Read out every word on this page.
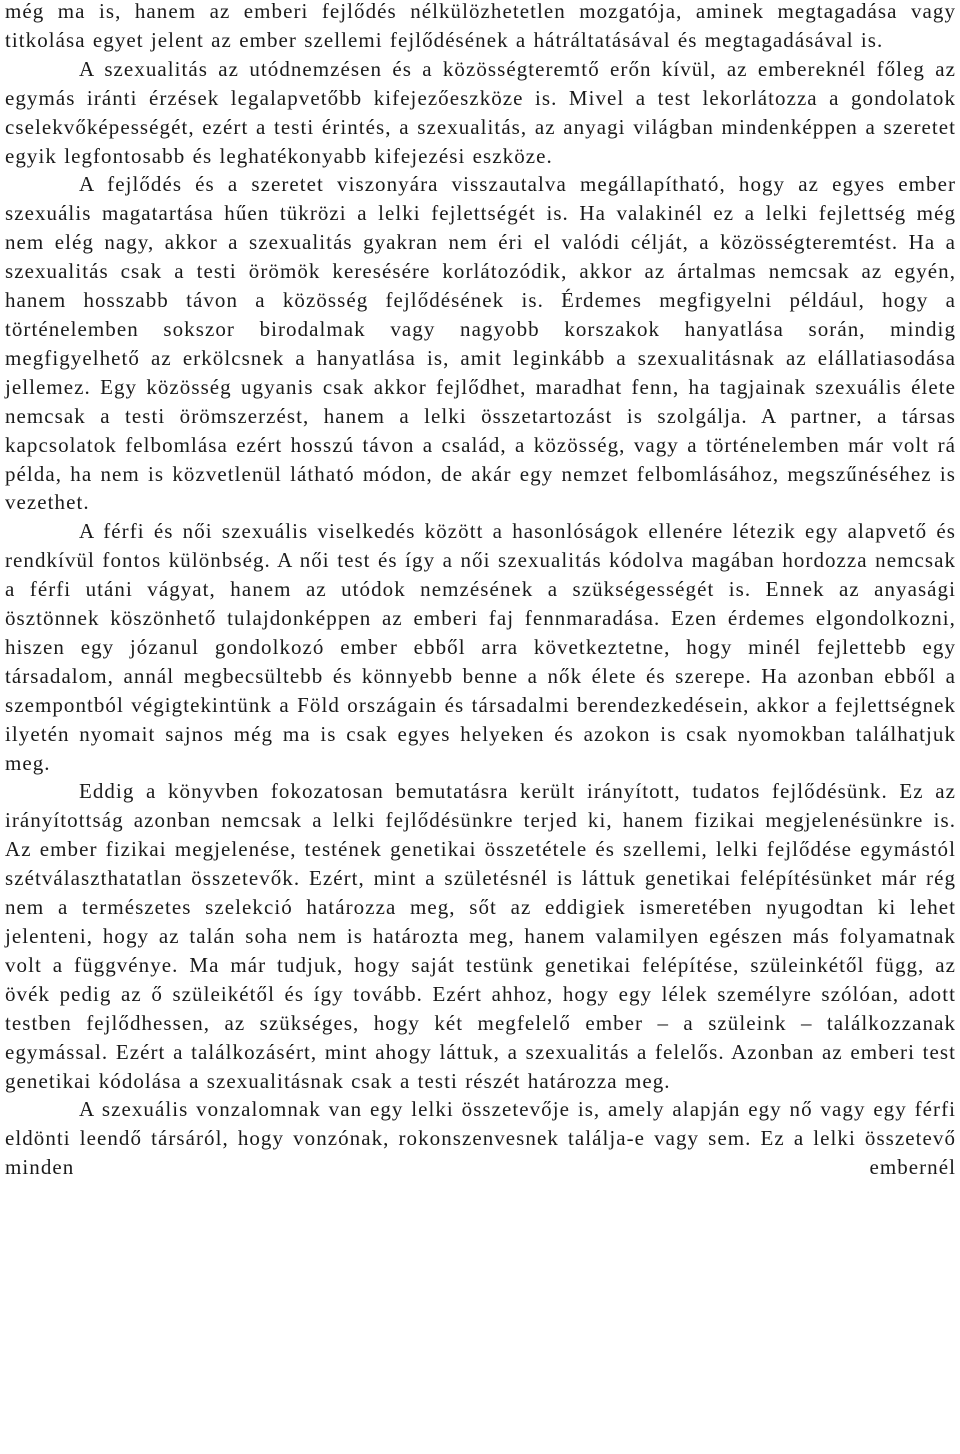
még ma is, hanem az emberi fejlődés nélkülözhetetlen mozgatója, aminek megtagadása vagy titkolása egyet jelent az ember szellemi fejlődésének a hátráltatásával és megtagadásával is.

A szexualitás az utódnemzésen és a közösségteremtő erőn kívül, az embereknél főleg az egymás iránti érzések legalapvetőbb kifejezőeszköze is. Mivel a test lekorlátozza a gondolatok cselekvőképességét, ezért a testi érintés, a szexualitás, az anyagi világban mindenképpen a szeretet egyik legfontosabb és leghatékonyabb kifejezési eszköze.

A fejlődés és a szeretet viszonyára visszautalva megállapítható, hogy az egyes ember szexuális magatartása hűen tükrözi a lelki fejlettségét is. Ha valakinél ez a lelki fejlettség még nem elég nagy, akkor a szexualitás gyakran nem éri el valódi célját, a közösségteremtést. Ha a szexualitás csak a testi örömök keresésére korlátozódik, akkor az ártalmas nemcsak az egyén, hanem hosszabb távon a közösség fejlődésének is. Érdemes megfigyelni például, hogy a történelemben sokszor birodalmak vagy nagyobb korszakok hanyatlása során, mindig megfigyelhető az erkölcsnek a hanyatlása is, amit leginkább a szexualitásnak az elállatiasodása jellemez. Egy közösség ugyanis csak akkor fejlődhet, maradhat fenn, ha tagjainak szexuális élete nemcsak a testi örömszerzést, hanem a lelki összetartozást is szolgálja. A partner, a társas kapcsolatok felbomlása ezért hosszú távon a család, a közösség, vagy a történelemben már volt rá példa, ha nem is közvetlenül látható módon, de akár egy nemzet felbomlásához, megszűnéséhez is vezethet.

A férfi és női szexuális viselkedés között a hasonlóságok ellenére létezik egy alapvető és rendkívül fontos különbség. A női test és így a női szexualitás kódolva magában hordozza nemcsak a férfi utáni vágyat, hanem az utódok nemzésének a szükségességét is. Ennek az anyasági ösztönnek köszönhető tulajdonképpen az emberi faj fennmaradása. Ezen érdemes elgondolkozni, hiszen egy józanul gondolkozó ember ebből arra következtetne, hogy minél fejlettebb egy társadalom, annál megbecsültebb és könnyebb benne a nők élete és szerepe. Ha azonban ebből a szempontból végigtekintünk a Föld országain és társadalmi berendezkedésein, akkor a fejlettségnek ilyetén nyomait sajnos még ma is csak egyes helyeken és azokon is csak nyomokban találhatjuk meg.

Eddig a könyvben fokozatosan bemutatásra került irányított, tudatos fejlődésünk. Ez az irányítottság azonban nemcsak a lelki fejlődésünkre terjed ki, hanem fizikai megjelenésünkre is. Az ember fizikai megjelenése, testének genetikai összetétele és szellemi, lelki fejlődése egymástól szétválaszthatatlan összetevők. Ezért, mint a születésnél is láttuk genetikai felépítésünket már rég nem a természetes szelekció határozza meg, sőt az eddigiek ismeretében nyugodtan ki lehet jelenteni, hogy az talán soha nem is határozta meg, hanem valamilyen egészen más folyamatnak volt a függvénye. Ma már tudjuk, hogy saját testünk genetikai felépítése, szüleinkétől függ, az övék pedig az ő szüleikétől és így tovább. Ezért ahhoz, hogy egy lélek személyre szólóan, adott testben fejlődhessen, az szükséges, hogy két megfelelő ember – a szüleink – találkozzanak egymással. Ezért a találkozásért, mint ahogy láttuk, a szexualitás a felelős. Azonban az emberi test genetikai kódolása a szexualitásnak csak a testi részét határozza meg.

A szexuális vonzalomnak van egy lelki összetevője is, amely alapján egy nő vagy egy férfi eldönti leendő társáról, hogy vonzónak, rokonszenvesnek találja-e vagy sem. Ez a lelki összetevő minden embernél
